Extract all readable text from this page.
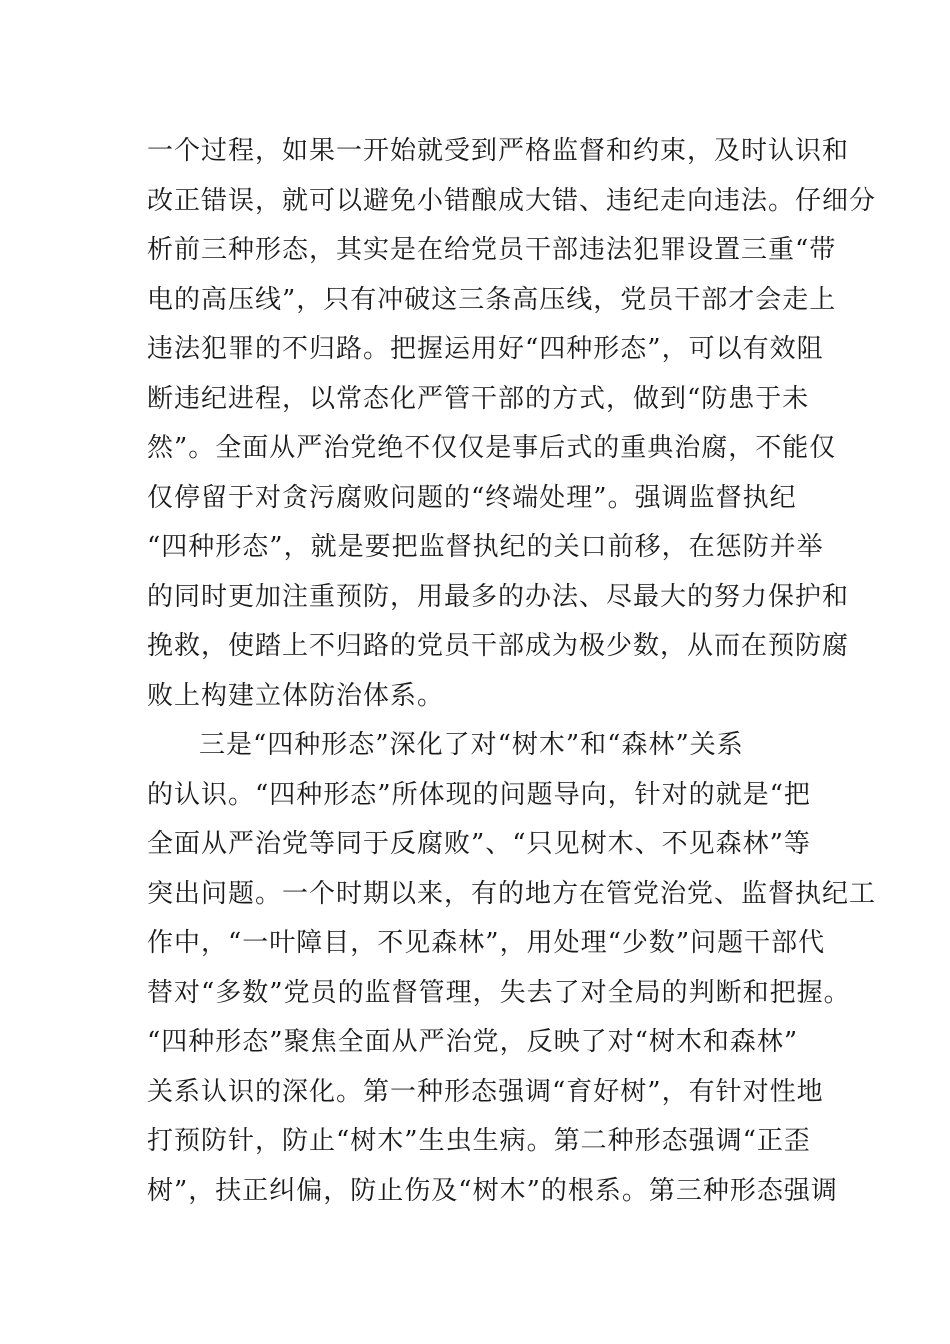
一个过程，如果一开始就受到严格监督和约束，及时认识和
改正错误，就可以避免小错酿成大错、违纪走向违法。仔细分
析前三种形态，其实是在给党员干部违法犯罪设置三重“带
电的高压线”，只有冲破这三条高压线，党员干部才会走上
违法犯罪的不归路。把握运用好“四种形态”，可以有效阻
断违纪进程，以常态化严管干部的方式，做到“防患于未
然”。全面从严治党绝不仅仅是事后式的重典治腐，不能仅
仅停留于对贪污腐败问题的“终端处理”。强调监督执纪
“四种形态”，就是要把监督执纪的关口前移，在惩防并举
的同时更加注重预防，用最多的办法、尽最大的努力保护和
挽救，使踏上不归路的党员干部成为极少数，从而在预防腐
败上构建立体防治体系。
三是“四种形态”深化了对“树木”和“森林”关系
的认识。“四种形态”所体现的问题导向，针对的就是“把
全面从严治党等同于反腐败”、“只见树木、不见森林”等
突出问题。一个时期以来，有的地方在管党治党、监督执纪工
作中，“一叶障目，不见森林”，用处理“少数”问题干部代
替对“多数”党员的监督管理，失去了对全局的判断和把握。
“四种形态”聚焦全面从严治党，反映了对“树木和森林”
关系认识的深化。第一种形态强调“育好树”，有针对性地
打预防针，防止“树木”生虫生病。第二种形态强调“正歪
树”，扶正纠偏，防止伤及“树木”的根系。第三种形态强调
